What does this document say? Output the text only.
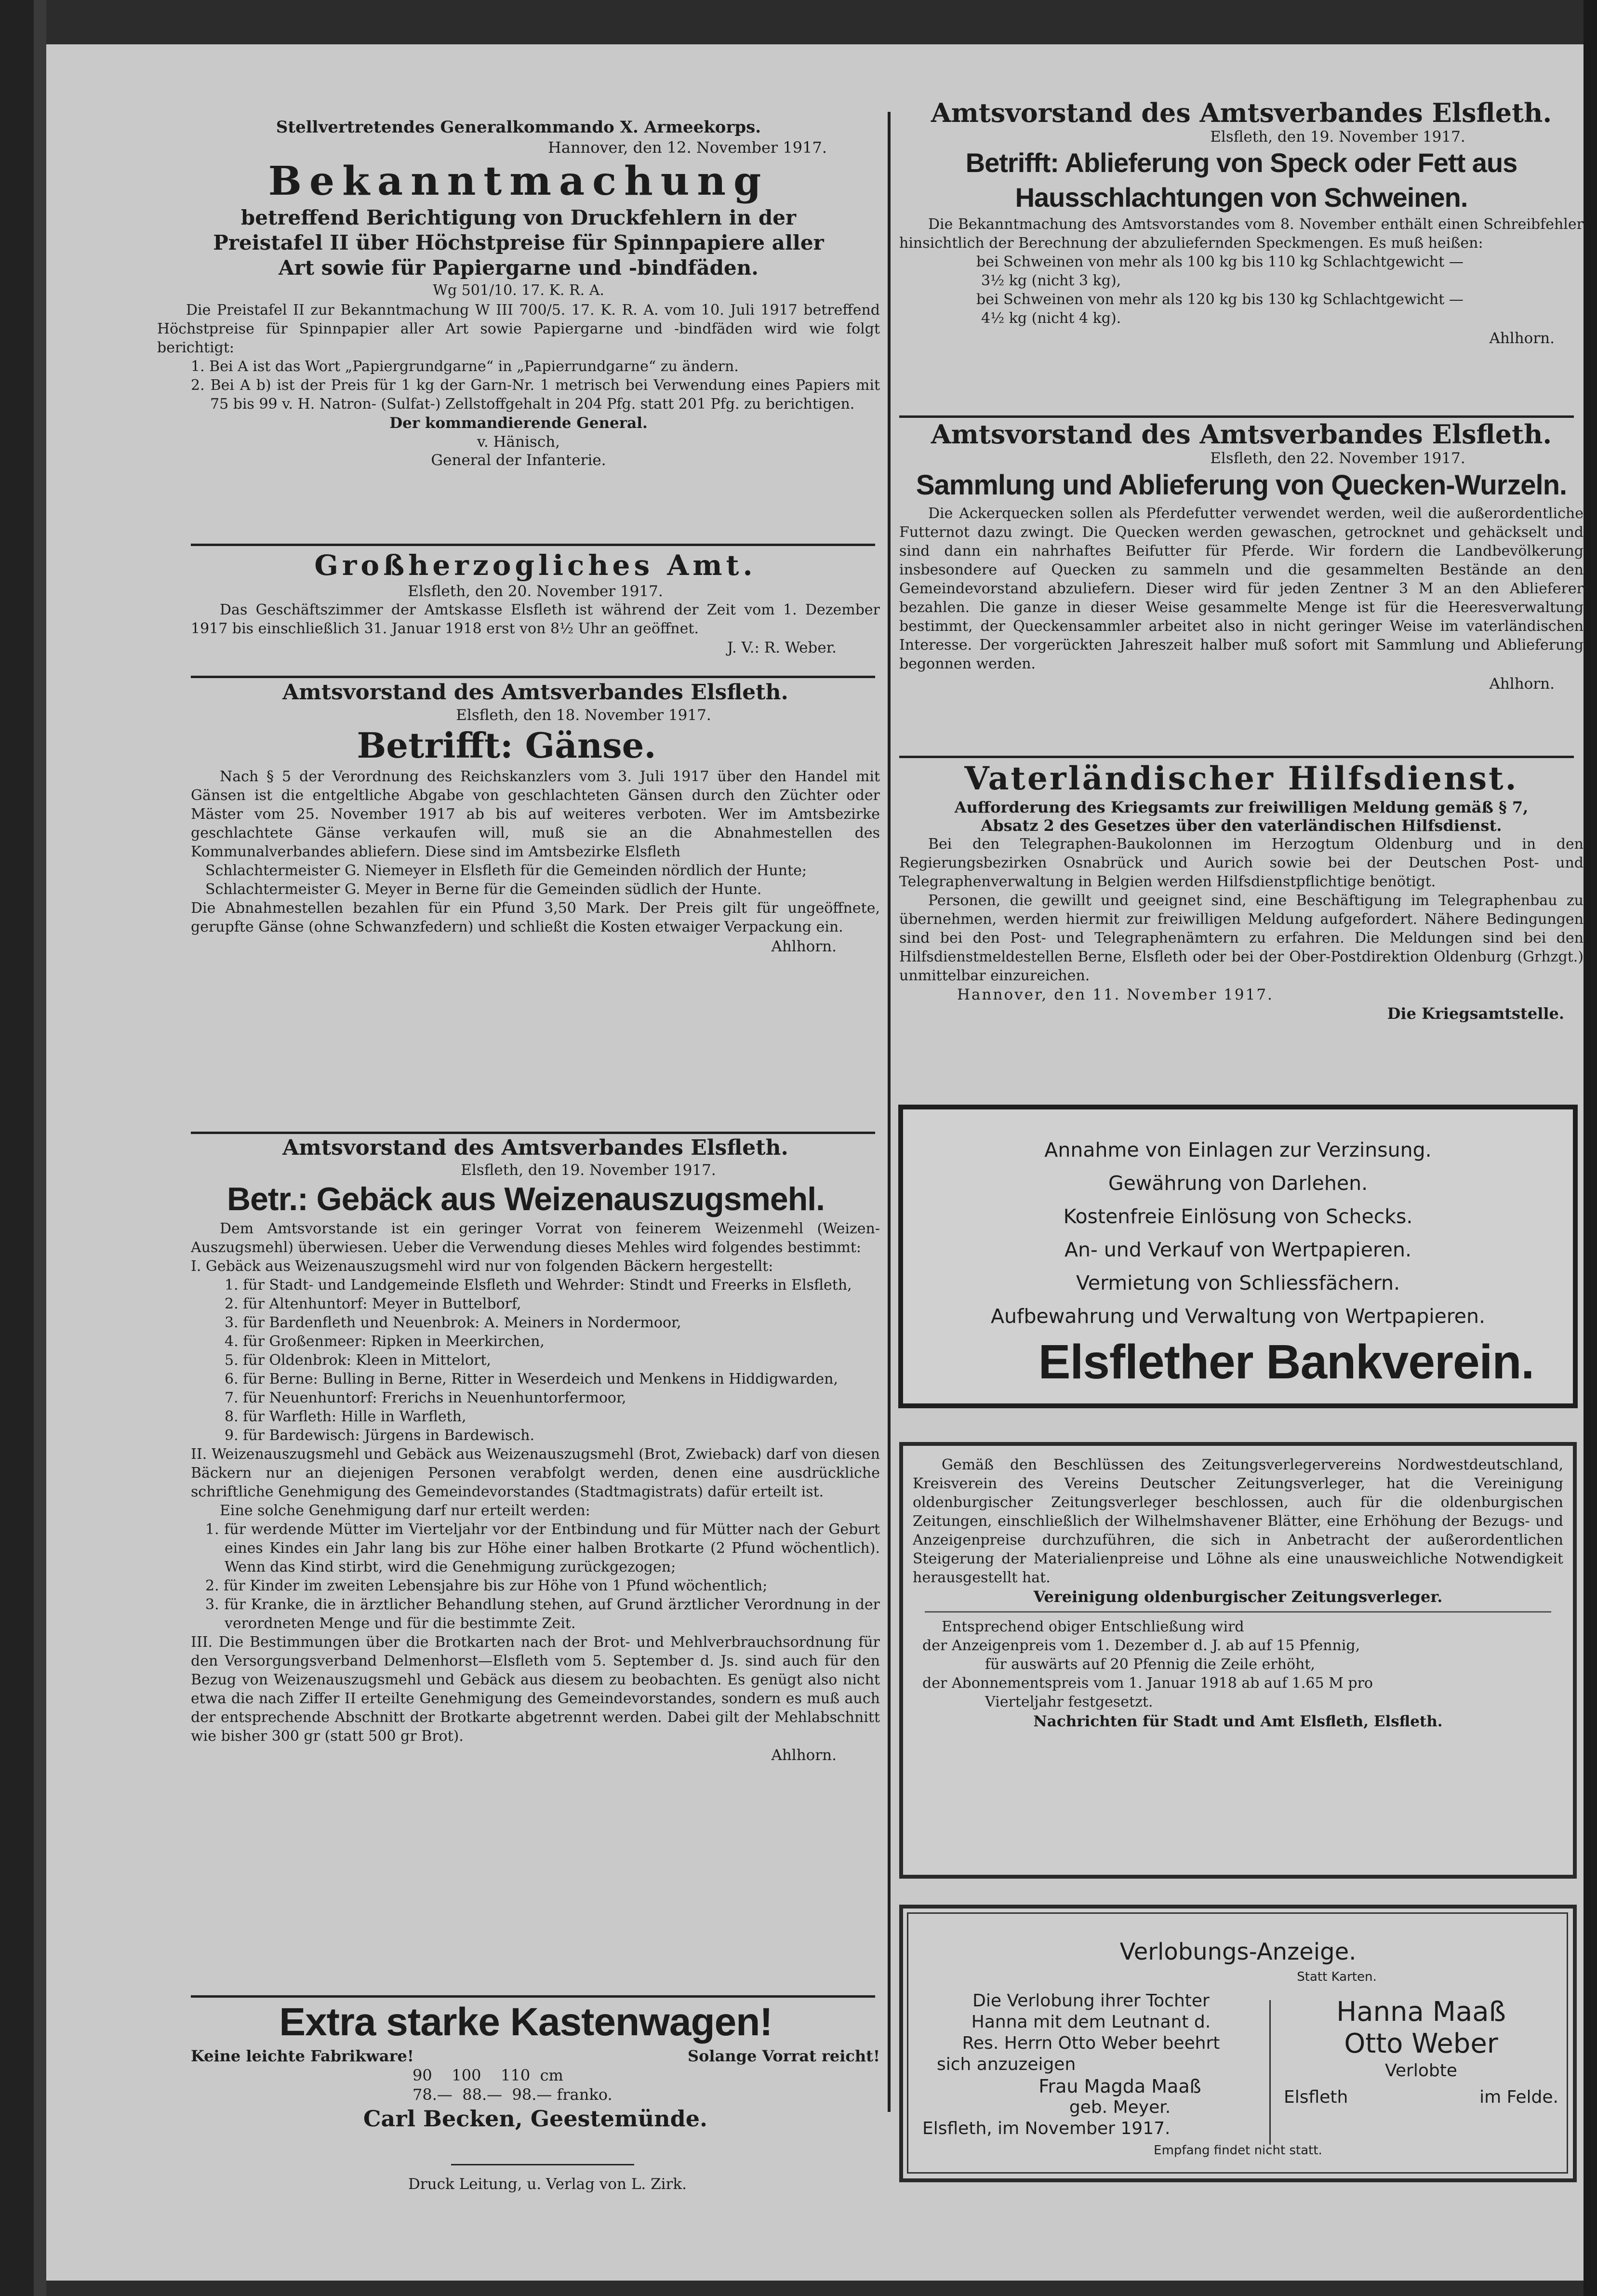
Stellvertretendes Generalkommando X. Armeekorps.
Hannover, den 12. November 1917.
Bekanntmachung
betreffend Berichtigung von Druckfehlern in der
Preistafel II über Höchstpreise für Spinnpapiere aller
Art sowie für Papiergarne und -bindfäden.
Wg 501/10. 17. K. R. A.

Die Preistafel II zur Bekanntmachung W III 700/5. 17. K. R. A. vom 10. Juli 1917 betreffend Höchstpreise für Spinnpapier aller Art sowie Papiergarne und -bindfäden wird wie folgt berichtigt:

1. Bei A ist das Wort „Papiergrundgarne“ in „Papierrundgarne“ zu ändern.
2. Bei A b) ist der Preis für 1 kg der Garn-Nr. 1 metrisch bei Verwendung eines Papiers mit 75 bis 99 v. H. Natron- (Sulfat-) Zellstoffgehalt in 204 Pfg. statt 201 Pfg. zu berichtigen.
Der kommandierende General.
v. Hänisch,
General der Infanterie.
Großherzogliches Amt.
Elsfleth, den 20. November 1917.

Das Geschäftszimmer der Amtskasse Elsfleth ist während der Zeit vom 1. Dezember 1917 bis einschließlich 31. Januar 1918 erst von 8½ Uhr an geöffnet.

J. V.: R. Weber.
Amtsvorstand des Amtsverbandes Elsfleth.
Elsfleth, den 18. November 1917.
Betrifft: Gänse.

Nach § 5 der Verordnung des Reichskanzlers vom 3. Juli 1917 über den Handel mit Gänsen ist die entgeltliche Abgabe von geschlachteten Gänsen durch den Züchter oder Mäster vom 25. November 1917 ab bis auf weiteres verboten. Wer im Amtsbezirke geschlachtete Gänse verkaufen will, muß sie an die Abnahmestellen des Kommunalverbandes abliefern. Diese sind im Amtsbezirke Elsfleth

Schlachtermeister G. Niemeyer in Elsfleth für die Gemeinden nördlich der Hunte;
Schlachtermeister G. Meyer in Berne für die Gemeinden südlich der Hunte.

Die Abnahmestellen bezahlen für ein Pfund 3,50 Mark. Der Preis gilt für ungeöffnete, gerupfte Gänse (ohne Schwanzfedern) und schließt die Kosten etwaiger Verpackung ein.

Ahlhorn.
Amtsvorstand des Amtsverbandes Elsfleth.
Elsfleth, den 19. November 1917.
Betr.: Gebäck aus Weizenauszugsmehl.

Dem Amtsvorstande ist ein geringer Vorrat von feinerem Weizenmehl (Weizen-Auszugsmehl) überwiesen. Ueber die Verwendung dieses Mehles wird folgendes bestimmt:

I. Gebäck aus Weizenauszugsmehl wird nur von folgenden Bäckern hergestellt:

1. für Stadt- und Landgemeinde Elsfleth und Wehrder: Stindt und Freerks in Elsfleth,
2. für Altenhuntorf: Meyer in Buttelborf,
3. für Bardenfleth und Neuenbrok: A. Meiners in Nordermoor,
4. für Großenmeer: Ripken in Meerkirchen,
5. für Oldenbrok: Kleen in Mittelort,
6. für Berne: Bulling in Berne, Ritter in Weserdeich und Menkens in Hiddigwarden,
7. für Neuenhuntorf: Frerichs in Neuenhuntorfermoor,
8. für Warfleth: Hille in Warfleth,
9. für Bardewisch: Jürgens in Bardewisch.

II. Weizenauszugsmehl und Gebäck aus Weizenauszugsmehl (Brot, Zwieback) darf von diesen Bäckern nur an diejenigen Personen verabfolgt werden, denen eine ausdrückliche schriftliche Genehmigung des Gemeindevorstandes (Stadtmagistrats) dafür erteilt ist.

Eine solche Genehmigung darf nur erteilt werden:

1. für werdende Mütter im Vierteljahr vor der Entbindung und für Mütter nach der Geburt eines Kindes ein Jahr lang bis zur Höhe einer halben Brotkarte (2 Pfund wöchentlich). Wenn das Kind stirbt, wird die Genehmigung zurückgezogen;
2. für Kinder im zweiten Lebensjahre bis zur Höhe von 1 Pfund wöchentlich;
3. für Kranke, die in ärztlicher Behandlung stehen, auf Grund ärztlicher Verordnung in der verordneten Menge und für die bestimmte Zeit.

III. Die Bestimmungen über die Brotkarten nach der Brot- und Mehlverbrauchsordnung für den Versorgungsverband Delmenhorst—Elsfleth vom 5. September d. Js. sind auch für den Bezug von Weizenauszugsmehl und Gebäck aus diesem zu beobachten. Es genügt also nicht etwa die nach Ziffer II erteilte Genehmigung des Gemeindevorstandes, sondern es muß auch der entsprechende Abschnitt der Brotkarte abgetrennt werden. Dabei gilt der Mehlabschnitt wie bisher 300 gr (statt 500 gr Brot).

Ahlhorn.
Extra starke Kastenwagen!
Keine leichte Fabrikware!	Solange Vorrat reicht!
90    100    110  cm
78.—  88.—  98.— franko.
Carl Becken, Geestemünde.
Druck Leitung, u. Verlag von L. Zirk.
Amtsvorstand des Amtsverbandes Elsfleth.
Elsfleth, den 19. November 1917.
Betrifft: Ablieferung von Speck oder Fett aus
Hausschlachtungen von Schweinen.

Die Bekanntmachung des Amtsvorstandes vom 8. November enthält einen Schreibfehler hinsichtlich der Berechnung der abzuliefernden Speckmengen. Es muß heißen:

bei Schweinen von mehr als 100 kg bis 110 kg Schlachtgewicht —
3½ kg (nicht 3 kg),
bei Schweinen von mehr als 120 kg bis 130 kg Schlachtgewicht —
4½ kg (nicht 4 kg).
Ahlhorn.
Amtsvorstand des Amtsverbandes Elsfleth.
Elsfleth, den 22. November 1917.
Sammlung und Ablieferung von Quecken-Wurzeln.

Die Ackerquecken sollen als Pferdefutter verwendet werden, weil die außerordentliche Futternot dazu zwingt. Die Quecken werden gewaschen, getrocknet und gehäckselt und sind dann ein nahrhaftes Beifutter für Pferde. Wir fordern die Landbevölkerung insbesondere auf Quecken zu sammeln und die gesammelten Bestände an den Gemeindevorstand abzuliefern. Dieser wird für jeden Zentner 3 M an den Ablieferer bezahlen. Die ganze in dieser Weise gesammelte Menge ist für die Heeresverwaltung bestimmt, der Queckensammler arbeitet also in nicht geringer Weise im vaterländischen Interesse. Der vorgerückten Jahreszeit halber muß sofort mit Sammlung und Ablieferung begonnen werden.

Ahlhorn.
Vaterländischer Hilfsdienst.
Aufforderung des Kriegsamts zur freiwilligen Meldung gemäß § 7,
Absatz 2 des Gesetzes über den vaterländischen Hilfsdienst.

Bei den Telegraphen-Baukolonnen im Herzogtum Oldenburg und in den Regierungsbezirken Osnabrück und Aurich sowie bei der Deutschen Post- und Telegraphenverwaltung in Belgien werden Hilfsdienstpflichtige benötigt.

Personen, die gewillt und geeignet sind, eine Beschäftigung im Telegraphenbau zu übernehmen, werden hiermit zur freiwilligen Meldung aufgefordert. Nähere Bedingungen sind bei den Post- und Telegraphenämtern zu erfahren. Die Meldungen sind bei den Hilfsdienstmeldestellen Berne, Elsfleth oder bei der Ober-Postdirektion Oldenburg (Grhzgt.) unmittelbar einzureichen.

Hannover, den 11. November 1917.
Die Kriegsamtstelle.
Annahme von Einlagen zur Verzinsung.
Gewährung von Darlehen.
Kostenfreie Einlösung von Schecks.
An- und Verkauf von Wertpapieren.
Vermietung von Schliessfächern.
Aufbewahrung und Verwaltung von Wertpapieren.
Elsflether Bankverein.

Gemäß den Beschlüssen des Zeitungsverlegervereins Nordwestdeutschland, Kreisverein des Vereins Deutscher Zeitungsverleger, hat die Vereinigung oldenburgischer Zeitungsverleger beschlossen, auch für die oldenburgischen Zeitungen, einschließlich der Wilhelmshavener Blätter, eine Erhöhung der Bezugs- und Anzeigenpreise durchzuführen, die sich in Anbetracht der außerordentlichen Steigerung der Materialienpreise und Löhne als eine unausweichliche Notwendigkeit herausgestellt hat.

Vereinigung oldenburgischer Zeitungsverleger.
Entsprechend obiger Entschließung wird
der Anzeigenpreis vom 1. Dezember d. J. ab auf 15 Pfennig,
für auswärts auf 20 Pfennig die Zeile erhöht,
der Abonnementspreis vom 1. Januar 1918 ab auf 1.65 M pro
Vierteljahr festgesetzt.
Nachrichten für Stadt und Amt Elsfleth, Elsfleth.
Verlobungs-Anzeige.
Statt Karten.
Die Verlobung ihrer Tochter
Hanna mit dem Leutnant d.
Res. Herrn Otto Weber beehrt
sich anzuzeigen
Frau Magda Maaß
geb. Meyer.
Elsfleth, im November 1917.
Hanna Maaß
Otto Weber
Verlobte
Elsfleth	im Felde.
Empfang findet nicht statt.
